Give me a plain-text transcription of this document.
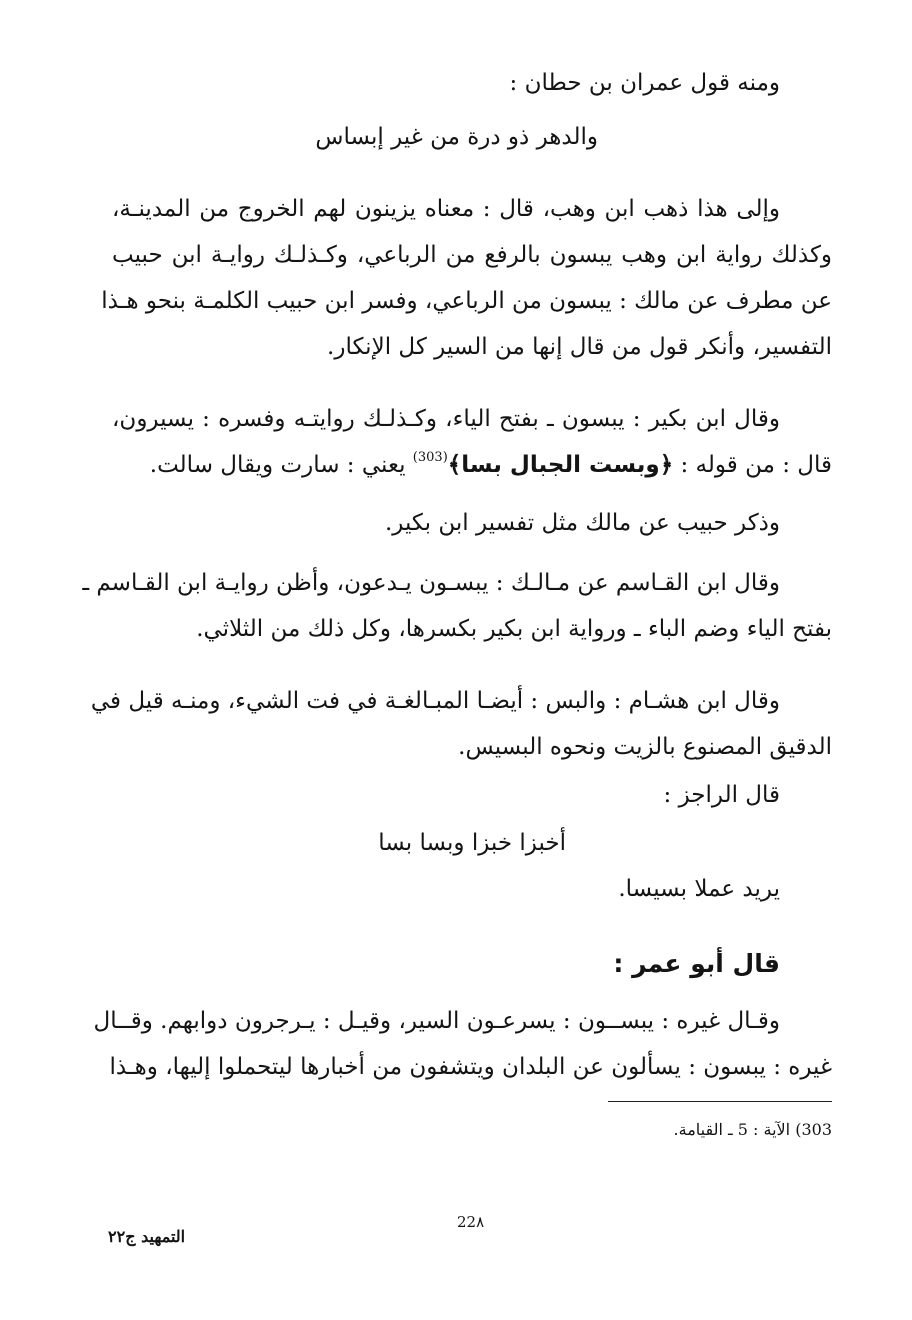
ومنه قول عمران بن حطان :
والدهر ذو درة من غير إبساس
وإلى هذا ذهب ابن وهب، قال : معناه يزينون لهم الخروج من المدينـة،
وكذلك رواية ابن وهب يبسون بالرفع من الرباعي، وكـذلـك روايـة ابن حبيب
عن مطرف عن مالك : يبسون من الرباعي، وفسر ابن حبيب الكلمـة بنحو هـذا
التفسير، وأنكر قول من قال إنها من السير كل الإنكار.
وقال ابن بكير : يبسون ـ بفتح الياء، وكـذلـك روايتـه وفسره : يسيرون،
قال : من قوله : ﴿وبست الجبال بسا﴾$^{(303)}$ يعني : سارت ويقال سالت.
وذكر حبيب عن مالك مثل تفسير ابن بكير.
وقال ابن القـاسم عن مـالـك : يبسـون يـدعون، وأظن روايـة ابن القـاسم ـ
بفتح الياء وضم الباء ـ ورواية ابن بكير بكسرها، وكل ذلك من الثلاثي.
وقال ابن هشـام : والبس : أيضـا المبـالغـة في فت الشيء، ومنـه قيل في
الدقيق المصنوع بالزيت ونحوه البسيس.
قال الراجز :
أخبزا خبزا وبسا بسا
يريد عملا بسيسا.
قال أبو عمر :
وقـال غيره : يبســون : يسرعـون السير، وقيـل : يـرجرون دوابهم. وقــال
غيره : يبسون : يسألون عن البلدان ويتشفون من أخبارها ليتحملوا إليها، وهـذا
303) الآية : 5 ـ القيامة.
22٨
التمهيد ج٢٢
